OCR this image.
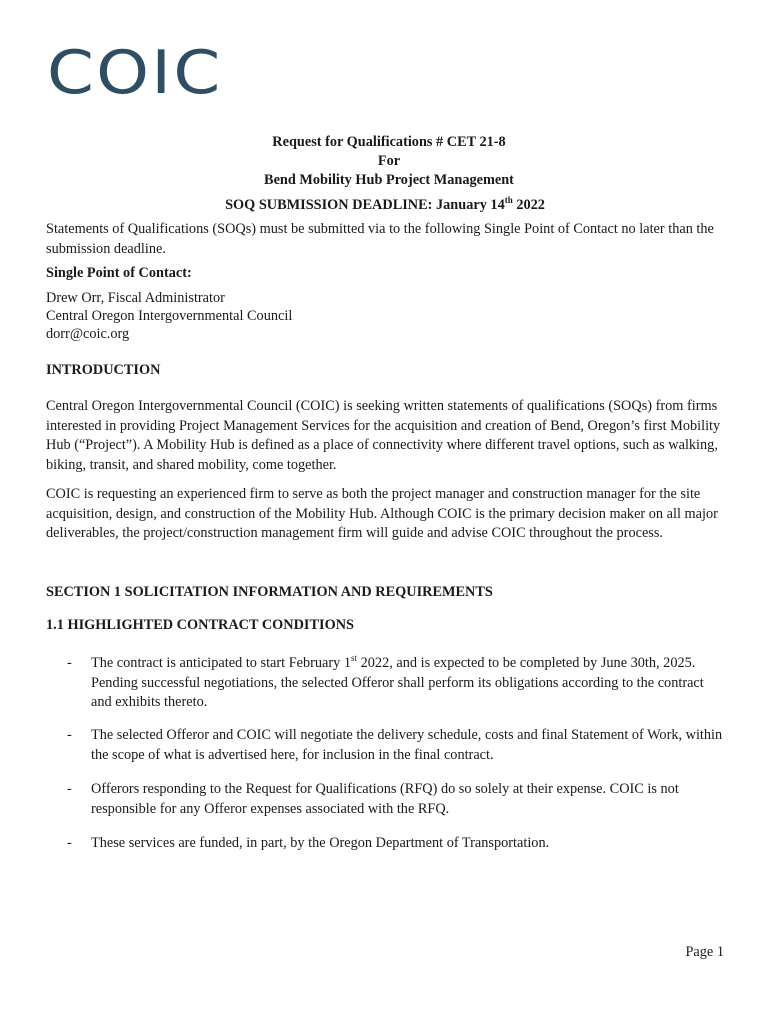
COIC
Request for Qualifications # CET 21-8
For
Bend Mobility Hub Project Management
SOQ SUBMISSION DEADLINE: January 14th 2022
Statements of Qualifications (SOQs) must be submitted via to the following Single Point of Contact no later than the submission deadline.
Single Point of Contact:
Drew Orr, Fiscal Administrator
Central Oregon Intergovernmental Council
dorr@coic.org
INTRODUCTION
Central Oregon Intergovernmental Council (COIC) is seeking written statements of qualifications (SOQs) from firms interested in providing Project Management Services for the acquisition and creation of Bend, Oregon’s first Mobility Hub (“Project”). A Mobility Hub is defined as a place of connectivity where different travel options, such as walking, biking, transit, and shared mobility, come together.
COIC is requesting an experienced firm to serve as both the project manager and construction manager for the site acquisition, design, and construction of the Mobility Hub. Although COIC is the primary decision maker on all major deliverables, the project/construction management firm will guide and advise COIC throughout the process.
SECTION 1 SOLICITATION INFORMATION AND REQUIREMENTS
1.1 HIGHLIGHTED CONTRACT CONDITIONS
- The contract is anticipated to start February 1st 2022, and is expected to be completed by June 30th, 2025. Pending successful negotiations, the selected Offeror shall perform its obligations according to the contract and exhibits thereto.
- The selected Offeror and COIC will negotiate the delivery schedule, costs and final Statement of Work, within the scope of what is advertised here, for inclusion in the final contract.
- Offerors responding to the Request for Qualifications (RFQ) do so solely at their expense. COIC is not responsible for any Offeror expenses associated with the RFQ.
- These services are funded, in part, by the Oregon Department of Transportation.
Page 1
